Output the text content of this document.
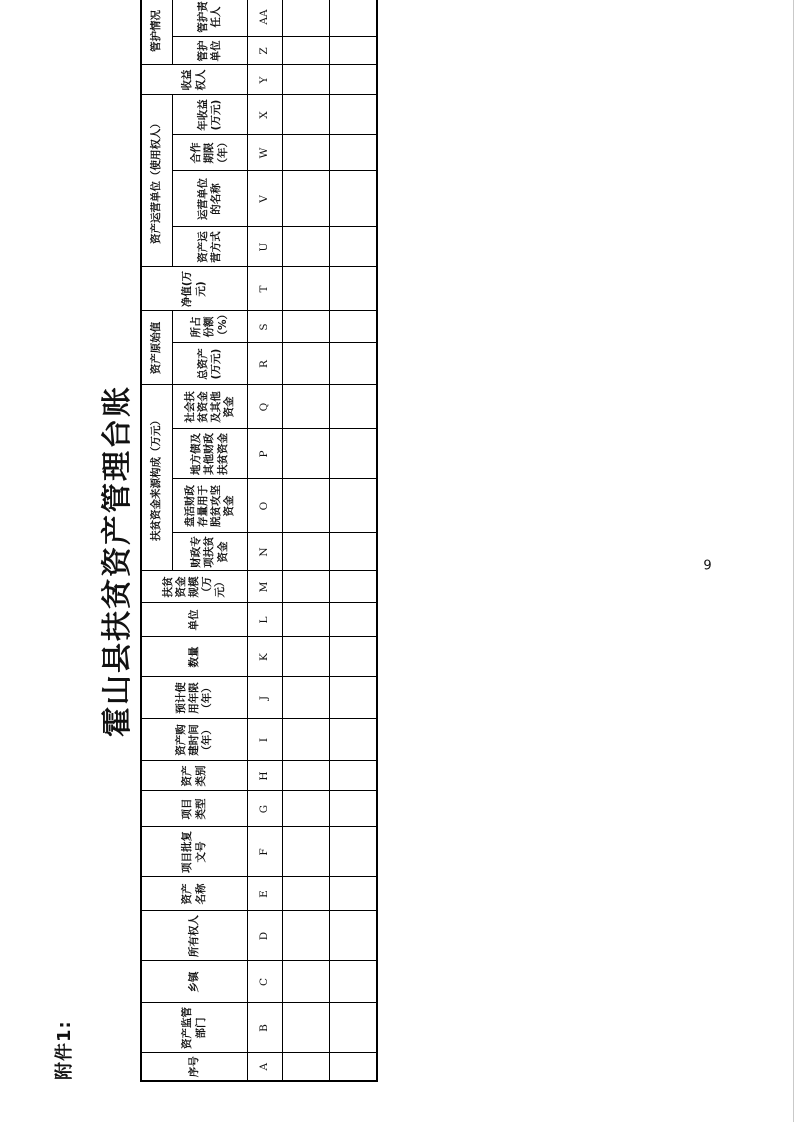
附件1:
霍山县扶贫资产管理台账
序号	资产监管部门	乡镇	所有权人	资产名称	项目批复文号	项目类型	资产类别	资产购建时间（年）	预计使用年限（年）	数量	单位	扶贫资金规模（万元）	扶贫资金来源构成（万元）				资产原始值		净值(万元)	资产运营单位（使用权人）				收益权人	管护情况	
													财政专项扶贫资金	盘活财政存量用于脱贫攻坚资金	地方债及其他财政扶贫资金	社会扶贫资金及其他资金	总资产(万元)	所占份额（%）		资产运营方式	运营单位的名称	合作期限（年）	年收益(万元)		管护单位	管护责任人	
A	B	C	D	E	F	G	H	I	J	K	L	M	N	O	P	Q	R	S	T	U	V	W	X	Y	Z	AA	

9
